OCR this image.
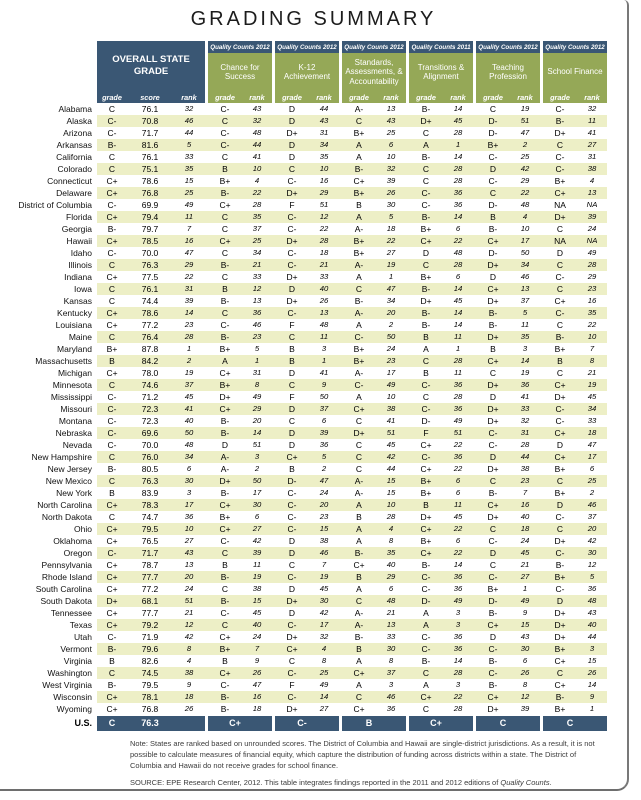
GRADING SUMMARY
OVERALL STATE GRADE
grade	score	rank
Quality Counts 2012
Chance for Success
grade	rank
Quality Counts 2012
K-12 Achievement
grade	rank
Quality Counts 2012
Standards, Assessments, & Accountability
grade	rank
Quality Counts 2011
Transitions & Alignment
grade	rank
Quality Counts 2012
Teaching Profession
grade	rank
Quality Counts 2012
School Finance
grade	rank
Alabama	C	76.1	32	C-	43	D	44	A-	13	B-	14	C	19	C-	32
Alaska	C-	70.8	46	C	32	D	43	C	43	D+	45	D-	51	B-	11
Arizona	C-	71.7	44	C-	48	D+	31	B+	25	C	28	D-	47	D+	41
Arkansas	B-	81.6	5	C-	44	D	34	A	6	A	1	B+	2	C	27
California	C	76.1	33	C	41	D	35	A	10	B-	14	C-	25	C-	31
Colorado	C	75.1	35	B	10	C	10	B-	32	C	28	D	42	C-	38
Connecticut	C+	78.6	15	B+	4	C-	16	C+	39	C	28	C-	29	B+	4
Delaware	C+	76.8	25	B-	22	D+	29	B+	26	C-	36	C	22	C+	13
District of Columbia	C-	69.9	49	C+	28	F	51	B	30	C-	36	D-	48	NA	NA
Florida	C+	79.4	11	C	35	C-	12	A	5	B-	14	B	4	D+	39
Georgia	B-	79.7	7	C	37	C-	22	A-	18	B+	6	B-	10	C	24
Hawaii	C+	78.5	16	C+	25	D+	28	B+	22	C+	22	C+	17	NA	NA
Idaho	C-	70.0	47	C	34	C-	18	B+	27	D	48	D-	50	D	49
Illinois	C	76.3	29	B-	21	C-	21	A-	19	C	28	D+	34	C	28
Indiana	C+	77.5	22	C	33	D+	33	A	1	B+	6	D	46	C-	29
Iowa	C	76.1	31	B	12	D	40	C	47	B-	14	C+	13	C	23
Kansas	C	74.4	39	B-	13	D+	26	B-	34	D+	45	D+	37	C+	16
Kentucky	C+	78.6	14	C	36	C-	13	A-	20	B-	14	B-	5	C-	35
Louisiana	C+	77.2	23	C-	46	F	48	A	2	B-	14	B-	11	C	22
Maine	C	76.4	28	B-	23	C	11	C-	50	B	11	D+	35	B-	10
Maryland	B+	87.8	1	B+	5	B	3	B+	24	A	1	B	3	B+	7
Massachusetts	B	84.2	2	A	1	B	1	B+	23	C	28	C+	14	B	8
Michigan	C+	78.0	19	C+	31	D	41	A-	17	B	11	C	19	C	21
Minnesota	C	74.6	37	B+	8	C	9	C-	49	C-	36	D+	36	C+	19
Mississippi	C-	71.2	45	D+	49	F	50	A	10	C	28	D	41	D+	45
Missouri	C-	72.3	41	C+	29	D	37	C+	38	C-	36	D+	33	C-	34
Montana	C-	72.3	40	B-	20	C	6	C	41	D-	49	D+	32	C-	33
Nebraska	C-	69.6	50	B-	14	D	39	D+	51	F	51	C-	31	C+	18
Nevada	C-	70.0	48	D	51	D	36	C	45	C+	22	C-	28	D	47
New Hampshire	C	76.0	34	A-	3	C+	5	C	42	C-	36	D	44	C+	17
New Jersey	B-	80.5	6	A-	2	B	2	C	44	C+	22	D+	38	B+	6
New Mexico	C	76.3	30	D+	50	D-	47	A-	15	B+	6	C	23	C	25
New York	B	83.9	3	B-	17	C-	24	A-	15	B+	6	B-	7	B+	2
North Carolina	C+	78.3	17	C+	30	C-	20	A	10	B	11	C+	16	D	46
North Dakota	C	74.7	36	B+	6	C-	23	B	28	D+	45	D+	40	C-	37
Ohio	C+	79.5	10	C+	27	C-	15	A	4	C+	22	C	18	C	20
Oklahoma	C+	76.5	27	C-	42	D	38	A	8	B+	6	C-	24	D+	42
Oregon	C-	71.7	43	C	39	D	46	B-	35	C+	22	D	45	C-	30
Pennsylvania	C+	78.7	13	B	11	C	7	C+	40	B-	14	C	21	B-	12
Rhode Island	C+	77.7	20	B-	19	C-	19	B	29	C-	36	C-	27	B+	5
South Carolina	C+	77.2	24	C	38	D	45	A	6	C-	36	B+	1	C-	36
South Dakota	D+	68.1	51	B-	15	D+	30	C	48	D-	49	D-	49	D	48
Tennessee	C+	77.7	21	C-	45	D	42	A-	21	A	3	B-	9	D+	43
Texas	C+	79.2	12	C	40	C-	17	A-	13	A	3	C+	15	D+	40
Utah	C-	71.9	42	C+	24	D+	32	B-	33	C-	36	D	43	D+	44
Vermont	B-	79.6	8	B+	7	C+	4	B	30	C-	36	C-	30	B+	3
Virginia	B	82.6	4	B	9	C	8	A	8	B-	14	B-	6	C+	15
Washington	C	74.5	38	C+	26	C-	25	C+	37	C	28	C-	26	C	26
West Virginia	B-	79.5	9	C-	47	F	49	A	3	A	3	B-	8	C+	14
Wisconsin	C+	78.1	18	B-	16	C-	14	C	46	C+	22	C+	12	B-	9
Wyoming	C+	76.8	26	B-	18	D+	27	C+	36	C	28	D+	39	B+	1
U.S.	C	76.3	C+	C-	B	C+	C	C

Note: States are ranked based on unrounded scores. The District of Columbia and Hawaii are single-district jurisdictions. As a result, it is not possible to calculate measures of financial equity, which capture the distribution of funding across districts within a state. The District of Columbia and Hawaii do not receive grades for school finance.

SOURCE: EPE Research Center, 2012. This table integrates findings reported in the 2011 and 2012 editions of Quality Counts.
